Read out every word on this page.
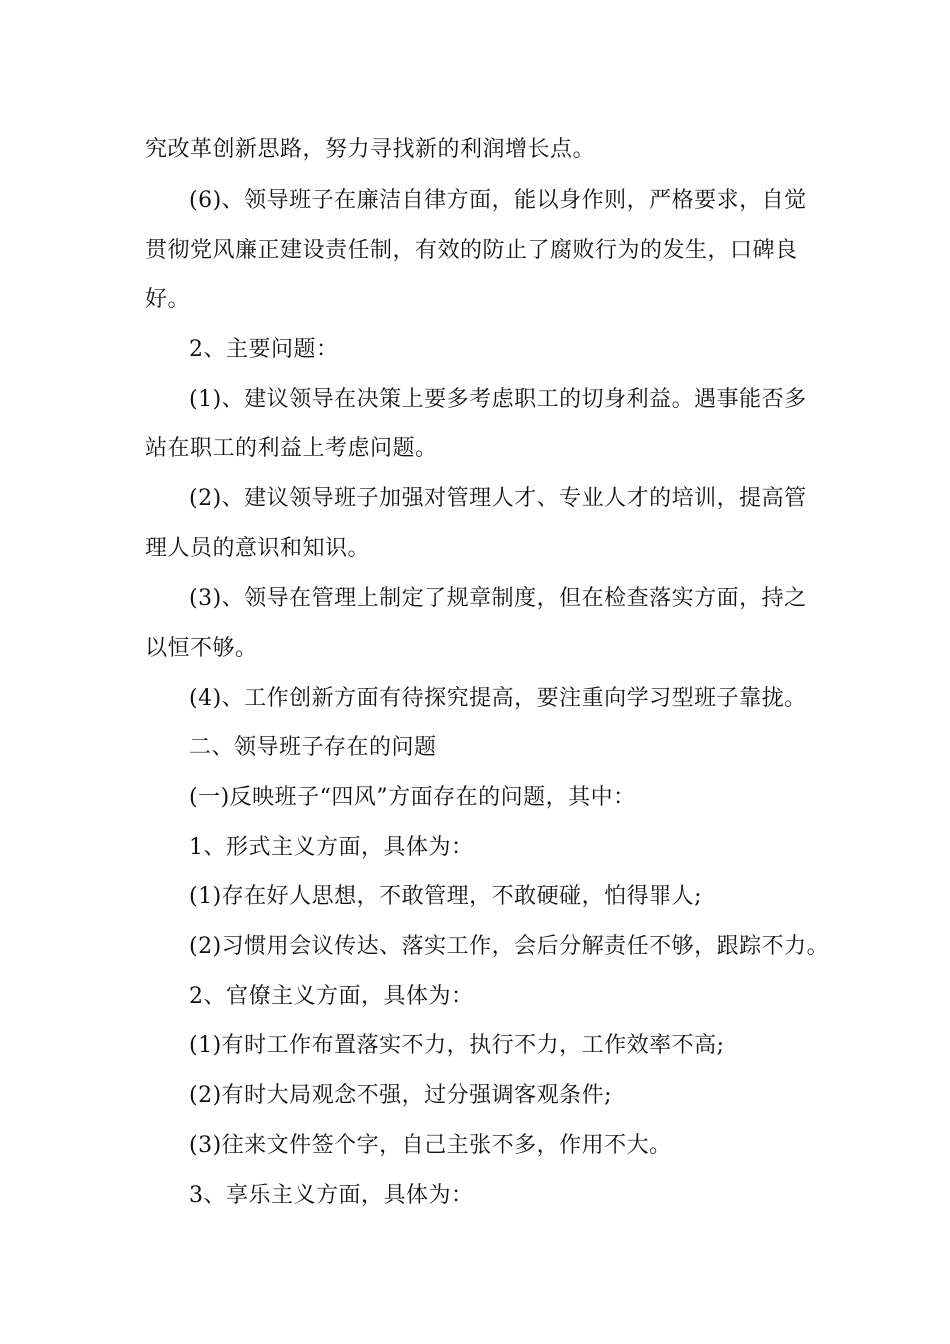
究改革创新思路，努力寻找新的利润增长点。
(6)、领导班子在廉洁自律方面，能以身作则，严格要求，自觉
贯彻党风廉正建设责任制，有效的防止了腐败行为的发生，口碑良
好。
2、主要问题：
(1)、建议领导在决策上要多考虑职工的切身利益。遇事能否多
站在职工的利益上考虑问题。
(2)、建议领导班子加强对管理人才、专业人才的培训，提高管
理人员的意识和知识。
(3)、领导在管理上制定了规章制度，但在检查落实方面，持之
以恒不够。
(4)、工作创新方面有待探究提高，要注重向学习型班子靠拢。
二、领导班子存在的问题
(一)反映班子“四风”方面存在的问题，其中：
1、形式主义方面，具体为：
(1)存在好人思想，不敢管理，不敢硬碰，怕得罪人;
(2)习惯用会议传达、落实工作，会后分解责任不够，跟踪不力。
2、官僚主义方面，具体为：
(1)有时工作布置落实不力，执行不力，工作效率不高;
(2)有时大局观念不强，过分强调客观条件;
(3)往来文件签个字，自己主张不多，作用不大。
3、享乐主义方面，具体为：
